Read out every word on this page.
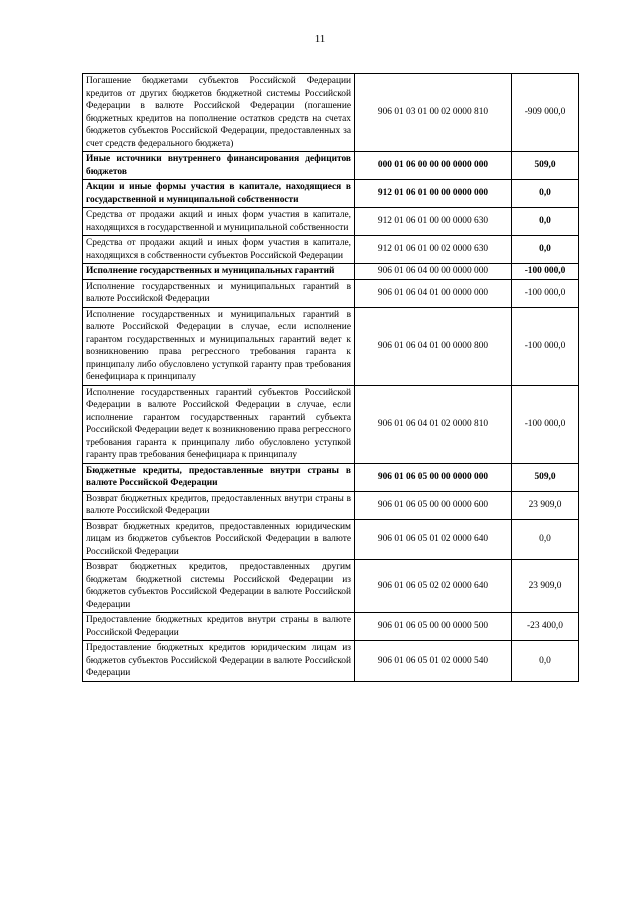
11
Погашение бюджетами субъектов Российской Федерации кредитов от других бюджетов бюджетной системы Российской Федерации в валюте Российской Федерации (погашение бюджетных кредитов на пополнение остатков средств на счетах бюджетов субъектов Российской Федерации, предоставленных за счет средств федерального бюджета)	906 01 03 01 00 02 0000 810	-909 000,0
Иные источники внутреннего финансирования дефицитов бюджетов	000 01 06 00 00 00 0000 000	509,0
Акции и иные формы участия в капитале, находящиеся в государственной и муниципальной собственности	912 01 06 01 00 00 0000 000	0,0
Средства от продажи акций и иных форм участия в капитале, находящихся в государственной и муниципальной собственности	912 01 06 01 00 00 0000 630	0,0
Средства от продажи акций и иных форм участия в капитале, находящихся в собственности субъектов Российской Федерации	912 01 06 01 00 02 0000 630	0,0
Исполнение государственных и муниципальных гарантий	906 01 06 04 00 00 0000 000	-100 000,0
Исполнение государственных и муниципальных гарантий в валюте Российской Федерации	906 01 06 04 01 00 0000 000	-100 000,0
Исполнение государственных и муниципальных гарантий в валюте Российской Федерации в случае, если исполнение гарантом государственных и муниципальных гарантий ведет к возникновению права регрессного требования гаранта к принципалу либо обусловлено уступкой гаранту прав требования бенефициара к принципалу	906 01 06 04 01 00 0000 800	-100 000,0
Исполнение государственных гарантий субъектов Российской Федерации в валюте Российской Федерации в случае, если исполнение гарантом государственных гарантий субъекта Российской Федерации ведет к возникновению права регрессного требования гаранта к принципалу либо обусловлено уступкой гаранту прав требования бенефициара к принципалу	906 01 06 04 01 02 0000 810	-100 000,0
Бюджетные кредиты, предоставленные внутри страны в валюте Российской Федерации	906 01 06 05 00 00 0000 000	509,0
Возврат бюджетных кредитов, предоставленных внутри страны в валюте Российской Федерации	906 01 06 05 00 00 0000 600	23 909,0
Возврат бюджетных кредитов, предоставленных юридическим лицам из бюджетов субъектов Российской Федерации в валюте Российской Федерации	906 01 06 05 01 02 0000 640	0,0
Возврат бюджетных кредитов, предоставленных другим бюджетам бюджетной системы Российской Федерации из бюджетов субъектов Российской Федерации в валюте Российской Федерации	906 01 06 05 02 02 0000 640	23 909,0
Предоставление бюджетных кредитов внутри страны в валюте Российской Федерации	906 01 06 05 00 00 0000 500	-23 400,0
Предоставление бюджетных кредитов юридическим лицам из бюджетов субъектов Российской Федерации в валюте Российской Федерации	906 01 06 05 01 02 0000 540	0,0
